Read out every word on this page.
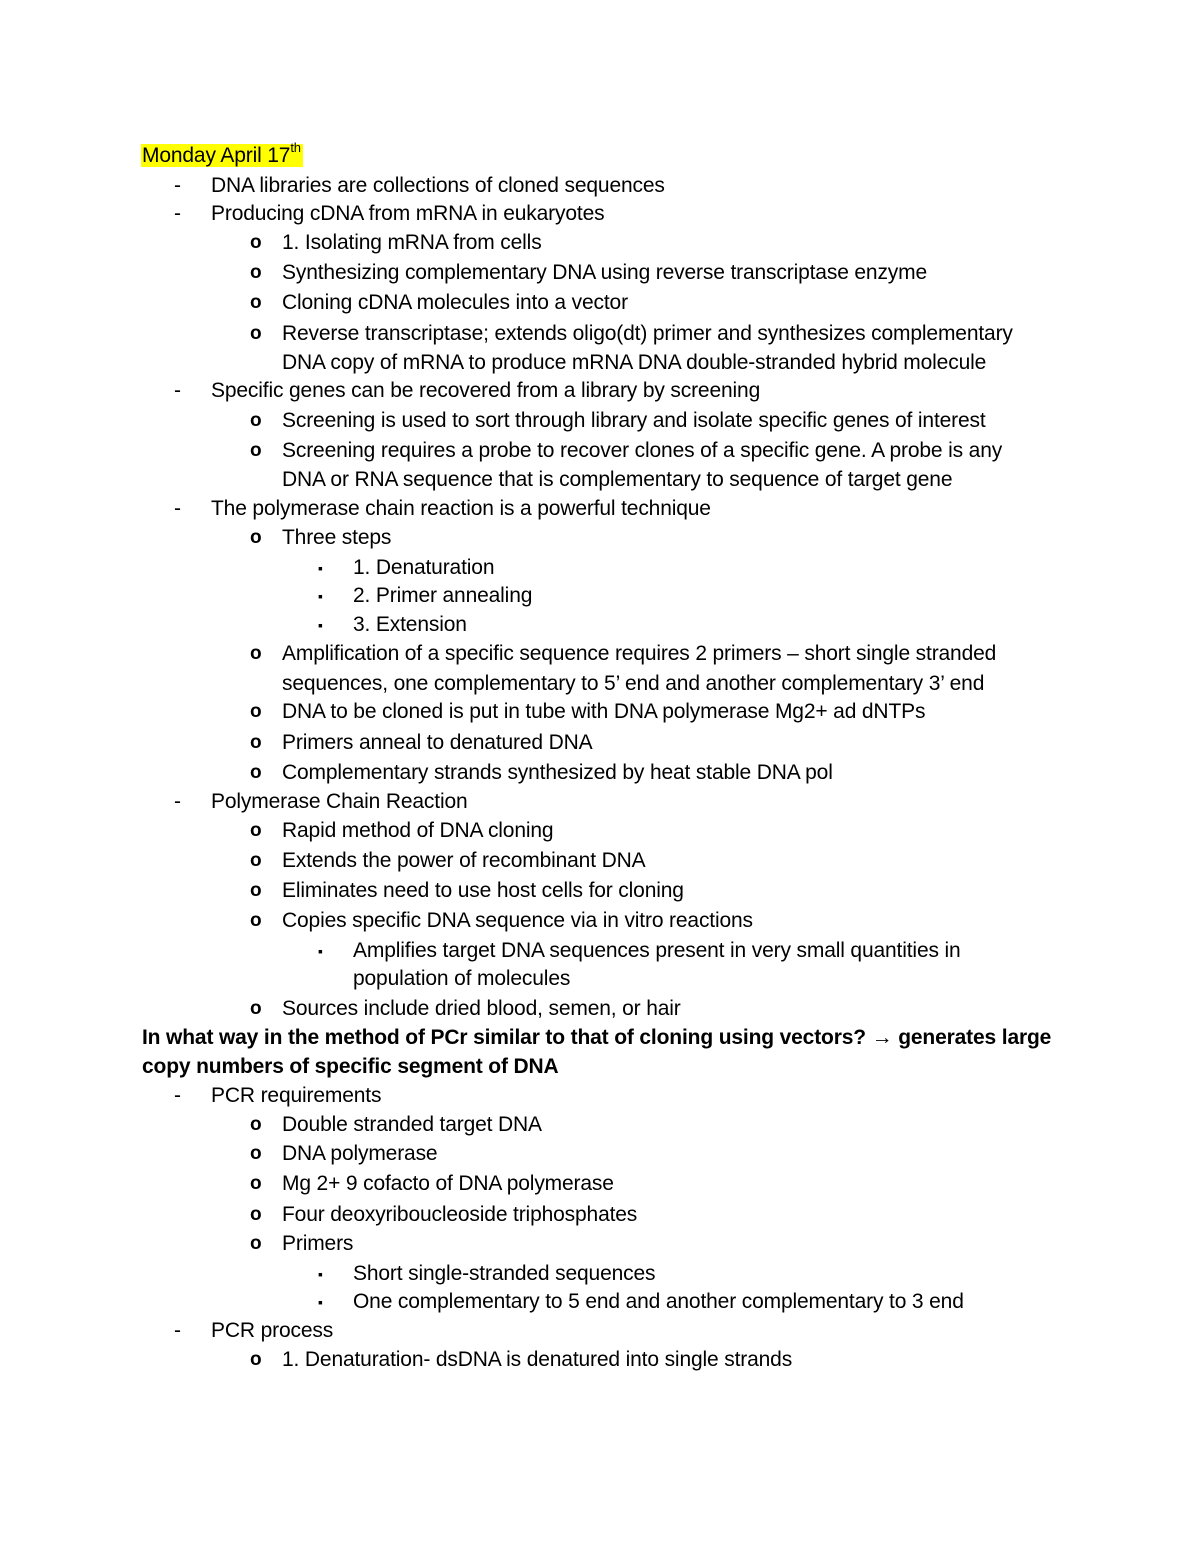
Monday April 17th
- DNA libraries are collections of cloned sequences
- Producing cDNA from mRNA in eukaryotes
o 1. Isolating mRNA from cells
o Synthesizing complementary DNA using reverse transcriptase enzyme
o Cloning cDNA molecules into a vector
o Reverse transcriptase; extends oligo(dt) primer and synthesizes complementary
DNA copy of mRNA to produce mRNA DNA double-stranded hybrid molecule
- Specific genes can be recovered from a library by screening
o Screening is used to sort through library and isolate specific genes of interest
o Screening requires a probe to recover clones of a specific gene. A probe is any
DNA or RNA sequence that is complementary to sequence of target gene
- The polymerase chain reaction is a powerful technique
o Three steps
▪ 1. Denaturation
▪ 2. Primer annealing
▪ 3. Extension
o Amplification of a specific sequence requires 2 primers – short single stranded
sequences, one complementary to 5’ end and another complementary 3’ end
o DNA to be cloned is put in tube with DNA polymerase Mg2+ ad dNTPs
o Primers anneal to denatured DNA
o Complementary strands synthesized by heat stable DNA pol
- Polymerase Chain Reaction
o Rapid method of DNA cloning
o Extends the power of recombinant DNA
o Eliminates need to use host cells for cloning
o Copies specific DNA sequence via in vitro reactions
▪ Amplifies target DNA sequences present in very small quantities in
population of molecules
o Sources include dried blood, semen, or hair
In what way in the method of PCr similar to that of cloning using vectors? → generates large
copy numbers of specific segment of DNA
- PCR requirements
o Double stranded target DNA
o DNA polymerase
o Mg 2+ 9 cofacto of DNA polymerase
o Four deoxyriboucleoside triphosphates
o Primers
▪ Short single-stranded sequences
▪ One complementary to 5 end and another complementary to 3 end
- PCR process
o 1. Denaturation- dsDNA is denatured into single strands
